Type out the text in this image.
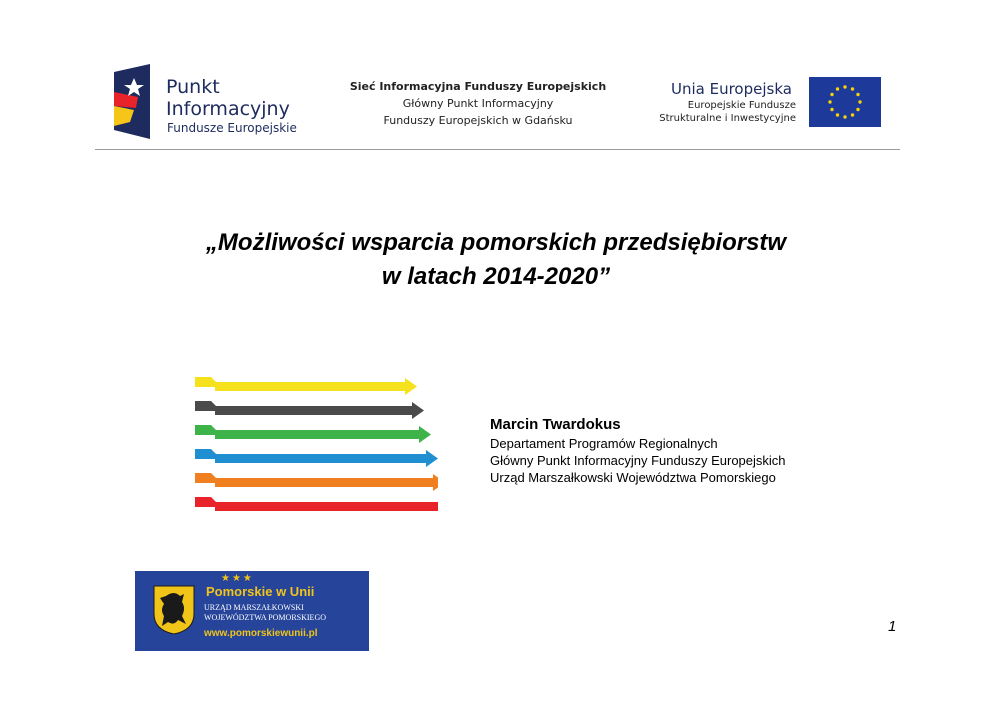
Punkt
Informacyjny
Fundusze Europejskie
Sieć Informacyjna Funduszy Europejskich
Główny Punkt Informacyjny
Funduszy Europejskich w Gdańsku
Unia Europejska
Europejskie Fundusze
Strukturalne i Inwestycyjne
„Możliwości wsparcia pomorskich przedsiębiorstw
w latach 2014-2020”
Marcin Twardokus
Departament Programów Regionalnych
Główny Punkt Informacyjny Funduszy Europejskich
Urząd Marszałkowski Województwa Pomorskiego
★★★
Pomorskie w Unii
URZĄD MARSZAŁKOWSKI
WOJEWÓDZTWA POMORSKIEGO
www.pomorskiewunii.pl	1
